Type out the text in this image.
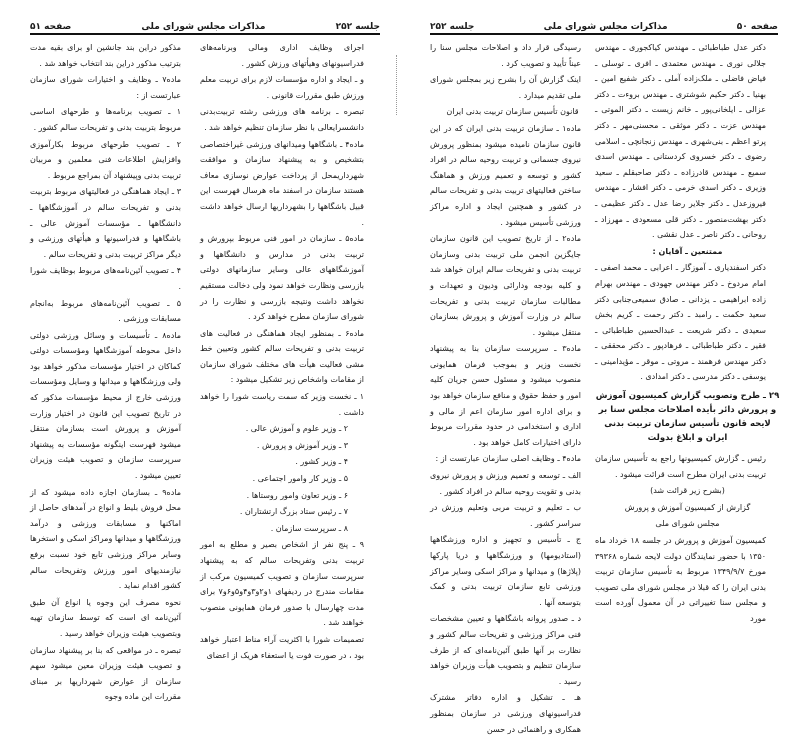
جلسه ۲۵۲
مذاکرات مجلس شورای ملی
صفحه ۵۱

اجرای وظایف اداری ومالی وبرنامه‌های فدراسیونهای وهیأتهای ورزش کشور .

و ـ ایجاد و اداره مؤسسات لازم برای تربیت معلم ورزش طبق مقررات قانونی .

تبصره ـ برنامه های ورزشی رشته تربیت‌بدنی دانشسرایعالی با نظر سازمان تنظیم خواهد شد .

ماده۴ ـ باشگاهها ومیدانهای ورزشی غیراختصاصی بتشخیص و به پیشنهاد سازمان و موافقت شهرداریمحل از پرداخت عوارض نوسازی معاف هستند سازمان در اسفند ماه هرسال فهرست این قبیل باشگاهها را بشهرداریها ارسال خواهد داشت .

ماده۵ ـ سازمان در امور فنی مربوط بپرورش و تربیت بدنی در مدارس و دانشگاهها و آموزشگاههای عالی وسایر سازمانهای دولتی بازرسی ونظارت خواهد نمود ولی دخالت مستقیم نخواهد داشت ونتیجه بازرسی و نظارت را در شورای سازمان مطرح خواهد کرد .

ماده۶ ـ بمنظور ایجاد هماهنگی در فعالیت های تربیت بدنی و تفریحات سالم کشور وتعیین خط مشی فعالیت هیأت های مختلف شورای سازمان از مقامات واشخاص زیر تشکیل میشود :

۱ ـ نخست وزیر که سمت ریاست شورا را خواهد داشت .

۲ ـ وزیر علوم و آموزش عالی .

۳ ـ وزیر آموزش و پرورش .

۴ ـ وزیر کشور .

۵ ـ وزیر کار وامور اجتماعی .

۶ ـ وزیر تعاون وامور روستاها .

۷ ـ رئیس ستاد بزرگ ارتشتاران .

۸ ـ سرپرست سازمان .

۹ ـ پنج نفر از اشخاص بصیر و مطلع به امور تربیت بدنی وتفریحات سالم که به پیشنهاد سرپرست سازمان و تصویب کمیسیون مرکب از مقامات مندرج در ردیفهای ۱و۲و۳و۴و۵و۶و۷ برای مدت چهارسال با صدور فرمان همایونی منصوب خواهند شد .

تصمیمات شورا با اکثریت آراء مناط اعتبار خواهد بود ، در صورت فوت یا استعفاء هریک از اعضای

مذکور دراین بند جانشین او برای بقیه مدت بترتیب مذکور دراین بند انتخاب خواهد شد .

ماده۷ ـ وظایف و اختیارات شورای سازمان عبارتست از :

۱ ـ تصویب برنامه‌ها و طرحهای اساسی مربوط بتربیت بدنی و تفریحات سالم کشور .

۲ ـ تصویب طرحهای مربوط بکارآموزی وافزایش اطلاعات فنی معلمین و مربیان تربیت بدنی وپیشنهاد آن بمراجع مربوط .

۳ ـ ایجاد هماهنگی در فعالیتهای مربوط بتربیت بدنی و تفریحات سالم در آموزشگاهها ـ دانشگاهها ـ مؤسسات آموزش عالی ـ باشگاهها و فدراسیونها و هیأتهای ورزشی و دیگر مراکز تربیت بدنی و تفریحات سالم .

۴ ـ تصویب آئین‌نامه‌های مربوط بوظایف شورا .

۵ ـ تصویب آئین‌نامه‌های مربوط به‌انجام مسابقات ورزشی .

ماده۸ ـ تأسیسات و وسائل ورزشی دولتی داخل محوطه آموزشگاهها ومؤسسات دولتی کماکان در اختیار مؤسسات مذکور خواهد بود ولی ورزشگاهها و میدانها و وسایل ومؤسسات ورزشی خارج از محیط مؤسسات مذکور که در تاریخ تصویب این قانون در اختیار وزارت آموزش و پرورش است بسازمان منتقل میشود فهرست اینگونه مؤسسات به پیشنهاد سرپرست سازمان و تصویب هیئت وزیران تعیین میشود .

ماده۹ ـ بسازمان اجازه داده میشود که از محل فروش بلیط و انواع در آمدهای حاصل از اماکنها و مسابقات ورزشی و درآمد ورزشگاهها و میدانها ومراکز اسکی و استخرها وسایر مراکز ورزشی تابع خود نسبت برفع نیازمندیهای امور ورزش وتفریحات سالم کشور اقدام نماید .

نحوه مصرف این وجوه یا انواع آن طبق آئین‌نامه ای است که توسط سازمان تهیه وبتصویب هیئت وزیران خواهد رسید .

تبصره ـ در مواقعی که بنا بر پیشنهاد سازمان و تصویب هیئت وزیران معین میشود سهم سازمان از عوارض شهرداریها بر مبنای مقررات این ماده وجوه

صفحه ۵۰
مذاکرات مجلس شورای ملی
جلسه ۲۵۲

دکتر عدل طباطبائی ـ مهندس کیاکجوری ـ مهندس جلالی نوری ـ مهندس معتمدی ـ افری ـ توسلی ـ فیاض فاضلی ـ ملک‌زاده آملی ـ دکتر شفیع امین ـ بهنیا ـ دکتر حکیم شوشتری ـ مهندس بروءت ـ دکتر عزالی ـ ایلخانی‌پور ـ خانم زیست ـ دکتر الموتی ـ مهندس عزت ـ دکتر موثقی ـ محسنی‌مهر ـ دکتر پرتو اعظم ـ بنی‌شهری ـ مهندس زنجانچی ـ اسلامی رضوی ـ دکتر خسروی کردستانی ـ مهندس اسدی سمیع ـ مهندس قادرزاده ـ دکتر صاحبقلم ـ سعید وزیری ـ دکتر اسدی خرمی ـ دکتر افشار ـ مهندس فیروزعدل ـ دکتر جلایر رضا عدل ـ دکتر عظیمی ـ دکتر بهشت‌منصور ـ دکتر قلی مسعودی ـ مهرزاد ـ روحانی ـ دکتر ناصر ـ عدل نقشی .

ممتنعین ـ آقایان :

دکتر اسفندیاری ـ آموزگار ـ اعرابی ـ محمد اصفی ـ امام مردوخ ـ دکتر مهندس جهودی ـ مهندس بهرام زاده ابراهیمی ـ یزدانی ـ صادق سمیعی‌جنابی دکتر سعید حکمت ـ رامبد ـ دکتر رحمت ـ کریم بخش سعیدی ـ دکتر شریعت ـ عبدالحسین طباطبائی ـ فقیر ـ دکتر طباطبائی ـ فرهادپور ـ دکتر محققی ـ دکتر مهندس فرهمند ـ مروتی ـ موقر ـ مؤیدامینی ـ یوسفی ـ دکتر مدرسی ـ دکتر امدادی .

۲۹ ـ طرح وتصویب گزارش کمیسیون آموزش و پرورش دائر بأیده اصلاحات مجلس سنا بر لایحه قانون تأسیس سازمان تربیت بدنی ایران و ابلاغ بدولت

رئیس ـ گزارش کمیسیونها راجع به تأسیس سازمان تربیت بدنی ایران مطرح است قرائت میشود .

(بشرح زیر قرائت شد)

گزارش از کمیسیون آموزش و پرورش

مجلس شورای ملی

کمیسیون آموزش و پرورش در جلسه ۱۸ خرداد ماه ۱۳۵۰ با حضور نمایندگان دولت لایحه شماره ۳۹۳۶۸ مورخ ۱۳۴۹/۹/۷ مربوط به تأسیس سازمان تربیت بدنی ایران را که قبلا در مجلس شورای ملی تصویب و مجلس سنا تغییراتی در آن معمول آورده است مورد

رسیدگی قرار داد و اصلاحات مجلس سنا را عیناً تأیید و تصویب کرد .

اینک گزارش آن را بشرح زیر بمجلس شورای ملی تقدیم میدارد .

قانون تأسیس سازمان تربیت بدنی ایران

ماده۱ ـ سازمان تربیت بدنی ایران که در این قانون سازمان نامیده میشود بمنظور پرورش نیروی جسمانی و تربیت روحیه سالم در افراد کشور و توسعه و تعمیم ورزش و هماهنگ ساختن فعالیتهای تربیت بدنی و تفریحات سالم در کشور و همچنین ایجاد و اداره مراکز ورزشی تأسیس میشود .

ماده۲ ـ از تاریخ تصویب این قانون سازمان جایگزین انجمن ملی تربیت بدنی وسازمان تربیت بدنی و تفریحات سالم ایران خواهد شد و کلیه بودجه ودارائی ودیون و تعهدات و مطالبات سازمان تربیت بدنی و تفریحات سالم در وزارت آموزش و پرورش بسازمان منتقل میشود .

ماده۳ ـ سرپرست سازمان بنا به پیشنهاد نخست وزیر و بموجب فرمان همایونی منصوب میشود و مسئول حسن جریان کلیه امور و حفظ حقوق و منافع سازمان خواهد بود و برای اداره امور سازمان اعم از مالی و اداری و استخدامی در حدود مقررات مربوط دارای اختیارات کامل خواهد بود .

ماده۴ ـ وظایف اصلی سازمان عبارتست از :

الف ـ توسعه و تعمیم ورزش و پرورش نیروی بدنی و تقویت روحیه سالم در افراد کشور .

ب ـ تعلیم و تربیت مربی وتعلیم ورزش در سراسر کشور .

ج ـ تأسیس و تجهیز و اداره ورزشگاهها (استادیومها) و ورزشگاهها و دریا پارکها (پلاژها) و میدانها و مراکز اسکی وسایر مراکز ورزشی تابع سازمان تربیت بدنی و کمک بتوسعه آنها .

د ـ صدور پروانه باشگاهها و تعیین مشخصات فنی مراکز ورزشی و تفریحات سالم کشور و نظارت بر آنها طبق آئین‌نامه‌ای که از طرف سازمان تنظیم و بتصویب هیأت وزیران خواهد رسید .

هـ ـ تشکیل و اداره دفاتر مشترک فدراسیونهای ورزشی در سازمان بمنظور همکاری و راهنمائی در حسن
